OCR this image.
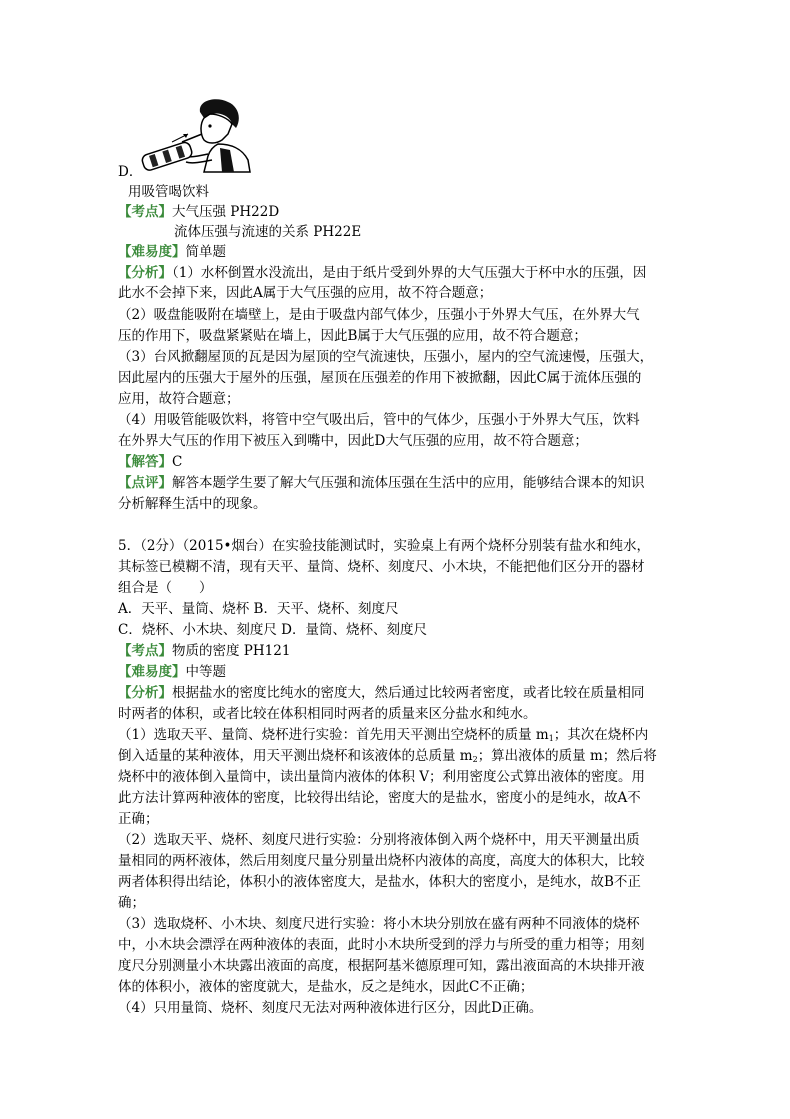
D．
用吸管喝饮料
【考点】大气压强 PH22D
流体压强与流速的关系 PH22E
【难易度】简单题
【分析】（1）水杯倒置水没流出，是由于纸片受到外界的大气压强大于杯中水的压强，因
此水不会掉下来，因此A属于大气压强的应用，故不符合题意；
（2）吸盘能吸附在墙壁上，是由于吸盘内部气体少，压强小于外界大气压，在外界大气
压的作用下，吸盘紧紧贴在墙上，因此B属于大气压强的应用，故不符合题意；
（3）台风掀翻屋顶的瓦是因为屋顶的空气流速快，压强小，屋内的空气流速慢，压强大，
因此屋内的压强大于屋外的压强，屋顶在压强差的作用下被掀翻，因此C属于流体压强的
应用，故符合题意；
（4）用吸管能吸饮料，将管中空气吸出后，管中的气体少，压强小于外界大气压，饮料
在外界大气压的作用下被压入到嘴中，因此D大气压强的应用，故不符合题意；
【解答】C
【点评】解答本题学生要了解大气压强和流体压强在生活中的应用，能够结合课本的知识
分析解释生活中的现象。
5．（2分）（2015•烟台）在实验技能测试时，实验桌上有两个烧杯分别装有盐水和纯水，
其标签已模糊不清，现有天平、量筒、烧杯、刻度尺、小木块，不能把他们区分开的器材
组合是（　　）
A．天平、量筒、烧杯 B．天平、烧杯、刻度尺
C．烧杯、小木块、刻度尺 D．量筒、烧杯、刻度尺
【考点】物质的密度 PH121
【难易度】中等题
【分析】根据盐水的密度比纯水的密度大，然后通过比较两者密度，或者比较在质量相同
时两者的体积，或者比较在体积相同时两者的质量来区分盐水和纯水。
（1）选取天平、量筒、烧杯进行实验：首先用天平测出空烧杯的质量 $m_1$；其次在烧杯内
倒入适量的某种液体，用天平测出烧杯和该液体的总质量 $m_2$；算出液体的质量 m；然后将
烧杯中的液体倒入量筒中，读出量筒内液体的体积 V；利用密度公式算出液体的密度。用
此方法计算两种液体的密度，比较得出结论，密度大的是盐水，密度小的是纯水，故A不
正确；
（2）选取天平、烧杯、刻度尺进行实验：分别将液体倒入两个烧杯中，用天平测量出质
量相同的两杯液体，然后用刻度尺量分别量出烧杯内液体的高度，高度大的体积大，比较
两者体积得出结论，体积小的液体密度大，是盐水，体积大的密度小，是纯水，故B不正
确；
（3）选取烧杯、小木块、刻度尺进行实验：将小木块分别放在盛有两种不同液体的烧杯
中，小木块会漂浮在两种液体的表面，此时小木块所受到的浮力与所受的重力相等；用刻
度尺分别测量小木块露出液面的高度，根据阿基米德原理可知，露出液面高的木块排开液
体的体积小，液体的密度就大，是盐水，反之是纯水，因此C不正确；
（4）只用量筒、烧杯、刻度尺无法对两种液体进行区分，因此D正确。
